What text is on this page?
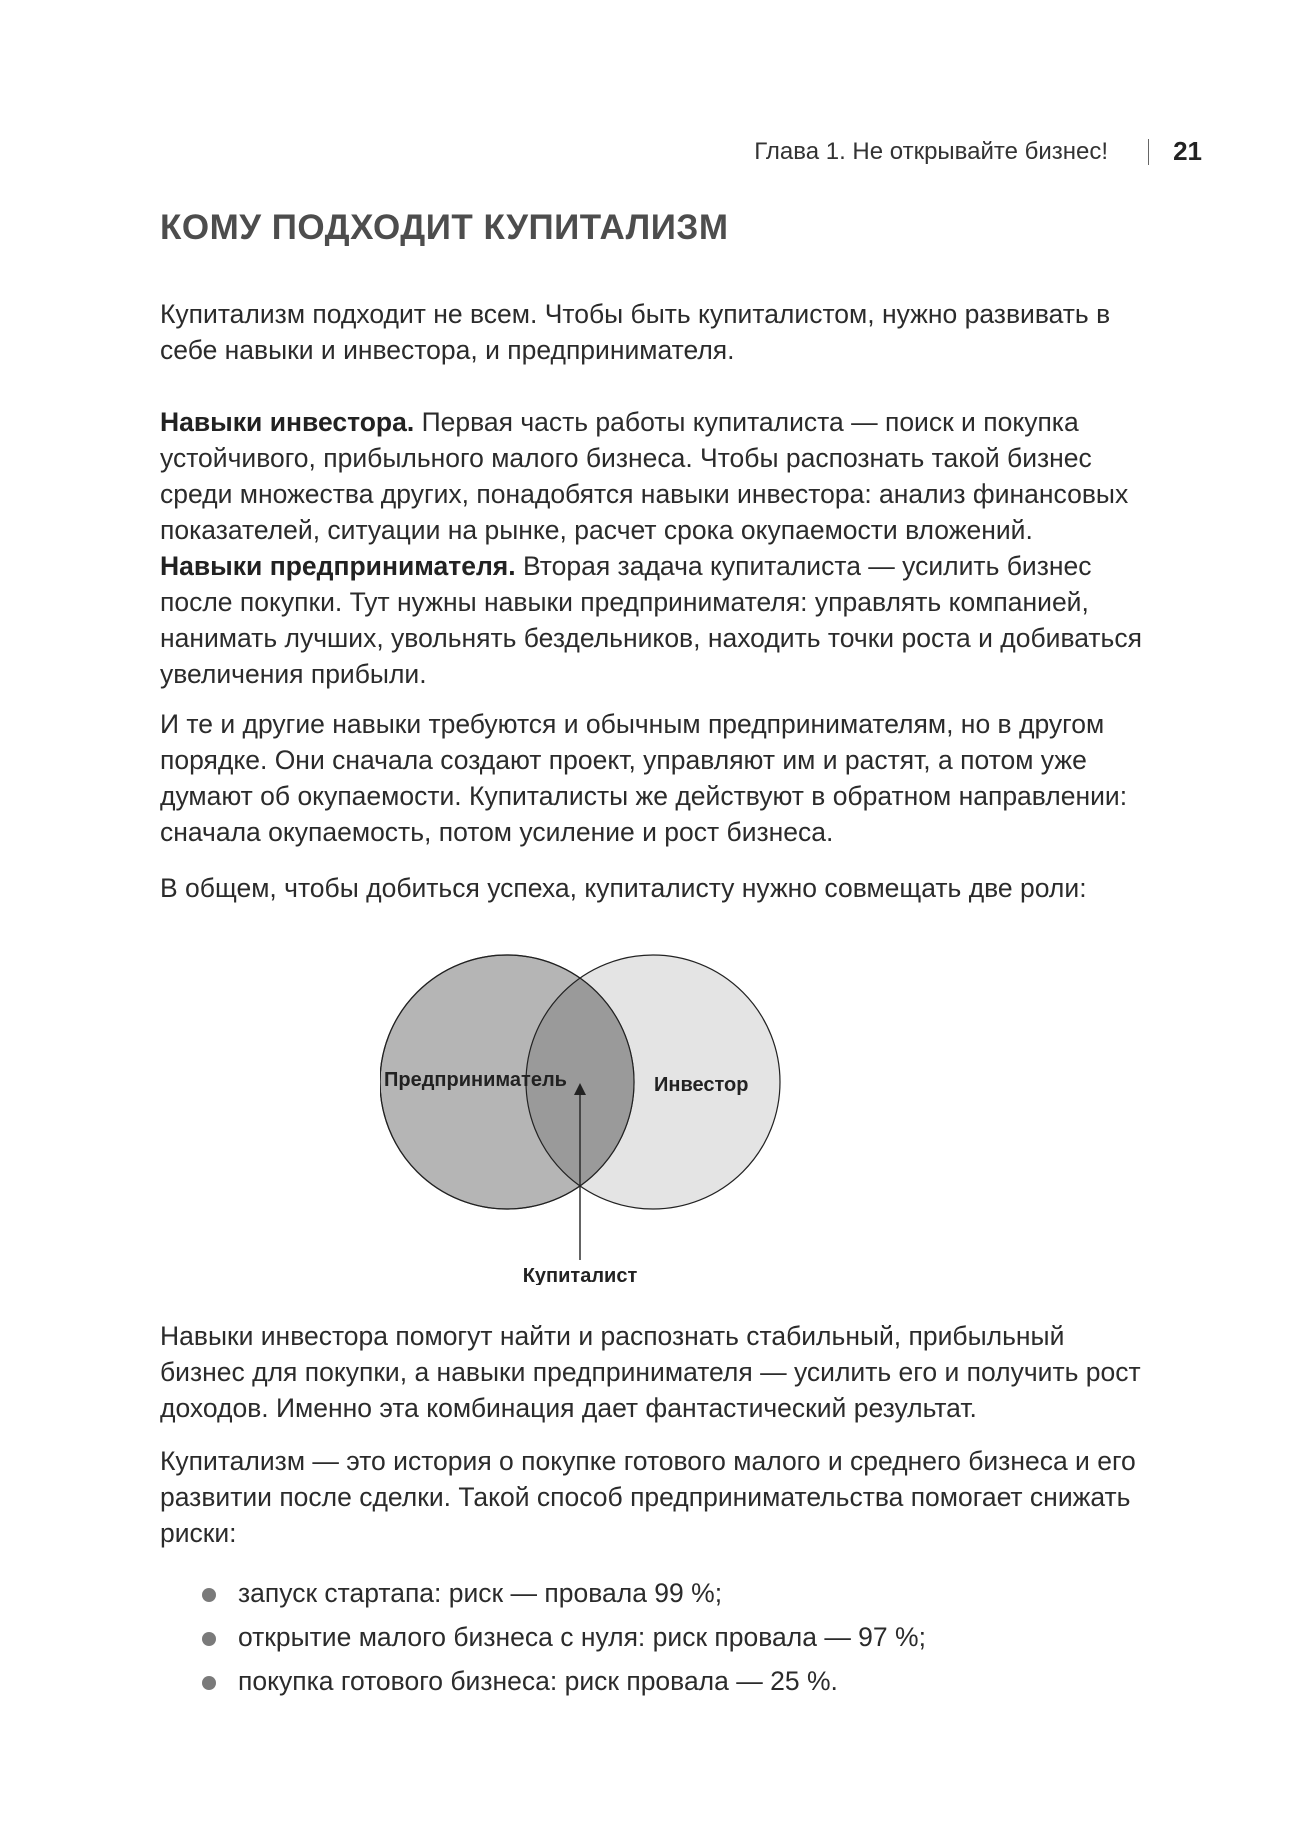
Глава 1. Не открывайте бизнес!	21
КОМУ ПОДХОДИТ КУПИТАЛИЗМ

Купитализм подходит не всем. Чтобы быть купиталистом, нужно развивать в себе навыки и инвестора, и предпринимателя.

Навыки инвестора. Первая часть работы купиталиста — поиск и покупка устойчивого, прибыльного малого бизнеса. Чтобы распознать такой бизнес среди множества других, понадобятся навыки инвестора: анализ финансовых показателей, ситуации на рынке, расчет срока окупаемости вложений.

Навыки предпринимателя. Вторая задача купиталиста — усилить бизнес после покупки. Тут нужны навыки предпринимателя: управлять компанией, нанимать лучших, увольнять бездельников, находить точки роста и добиваться увеличения прибыли.

И те и другие навыки требуются и обычным предпринимателям, но в другом порядке. Они сначала создают проект, управляют им и растят, а потом уже думают об окупаемости. Купиталисты же действуют в обратном направлении: сначала окупаемость, потом усиление и рост бизнеса.

В общем, чтобы добиться успеха, купиталисту нужно совмещать две роли:

Предприниматель	Инвестор
Купиталист

Навыки инвестора помогут найти и распознать стабильный, прибыльный бизнес для покупки, а навыки предпринимателя — усилить его и получить рост доходов. Именно эта комбинация дает фантастический результат.

Купитализм — это история о покупке готового малого и среднего бизнеса и его развитии после сделки. Такой способ предпринимательства помогает снижать риски:

запуск стартапа: риск — провала 99 %;
открытие малого бизнеса с нуля: риск провала — 97 %;
покупка готового бизнеса: риск провала — 25 %.
